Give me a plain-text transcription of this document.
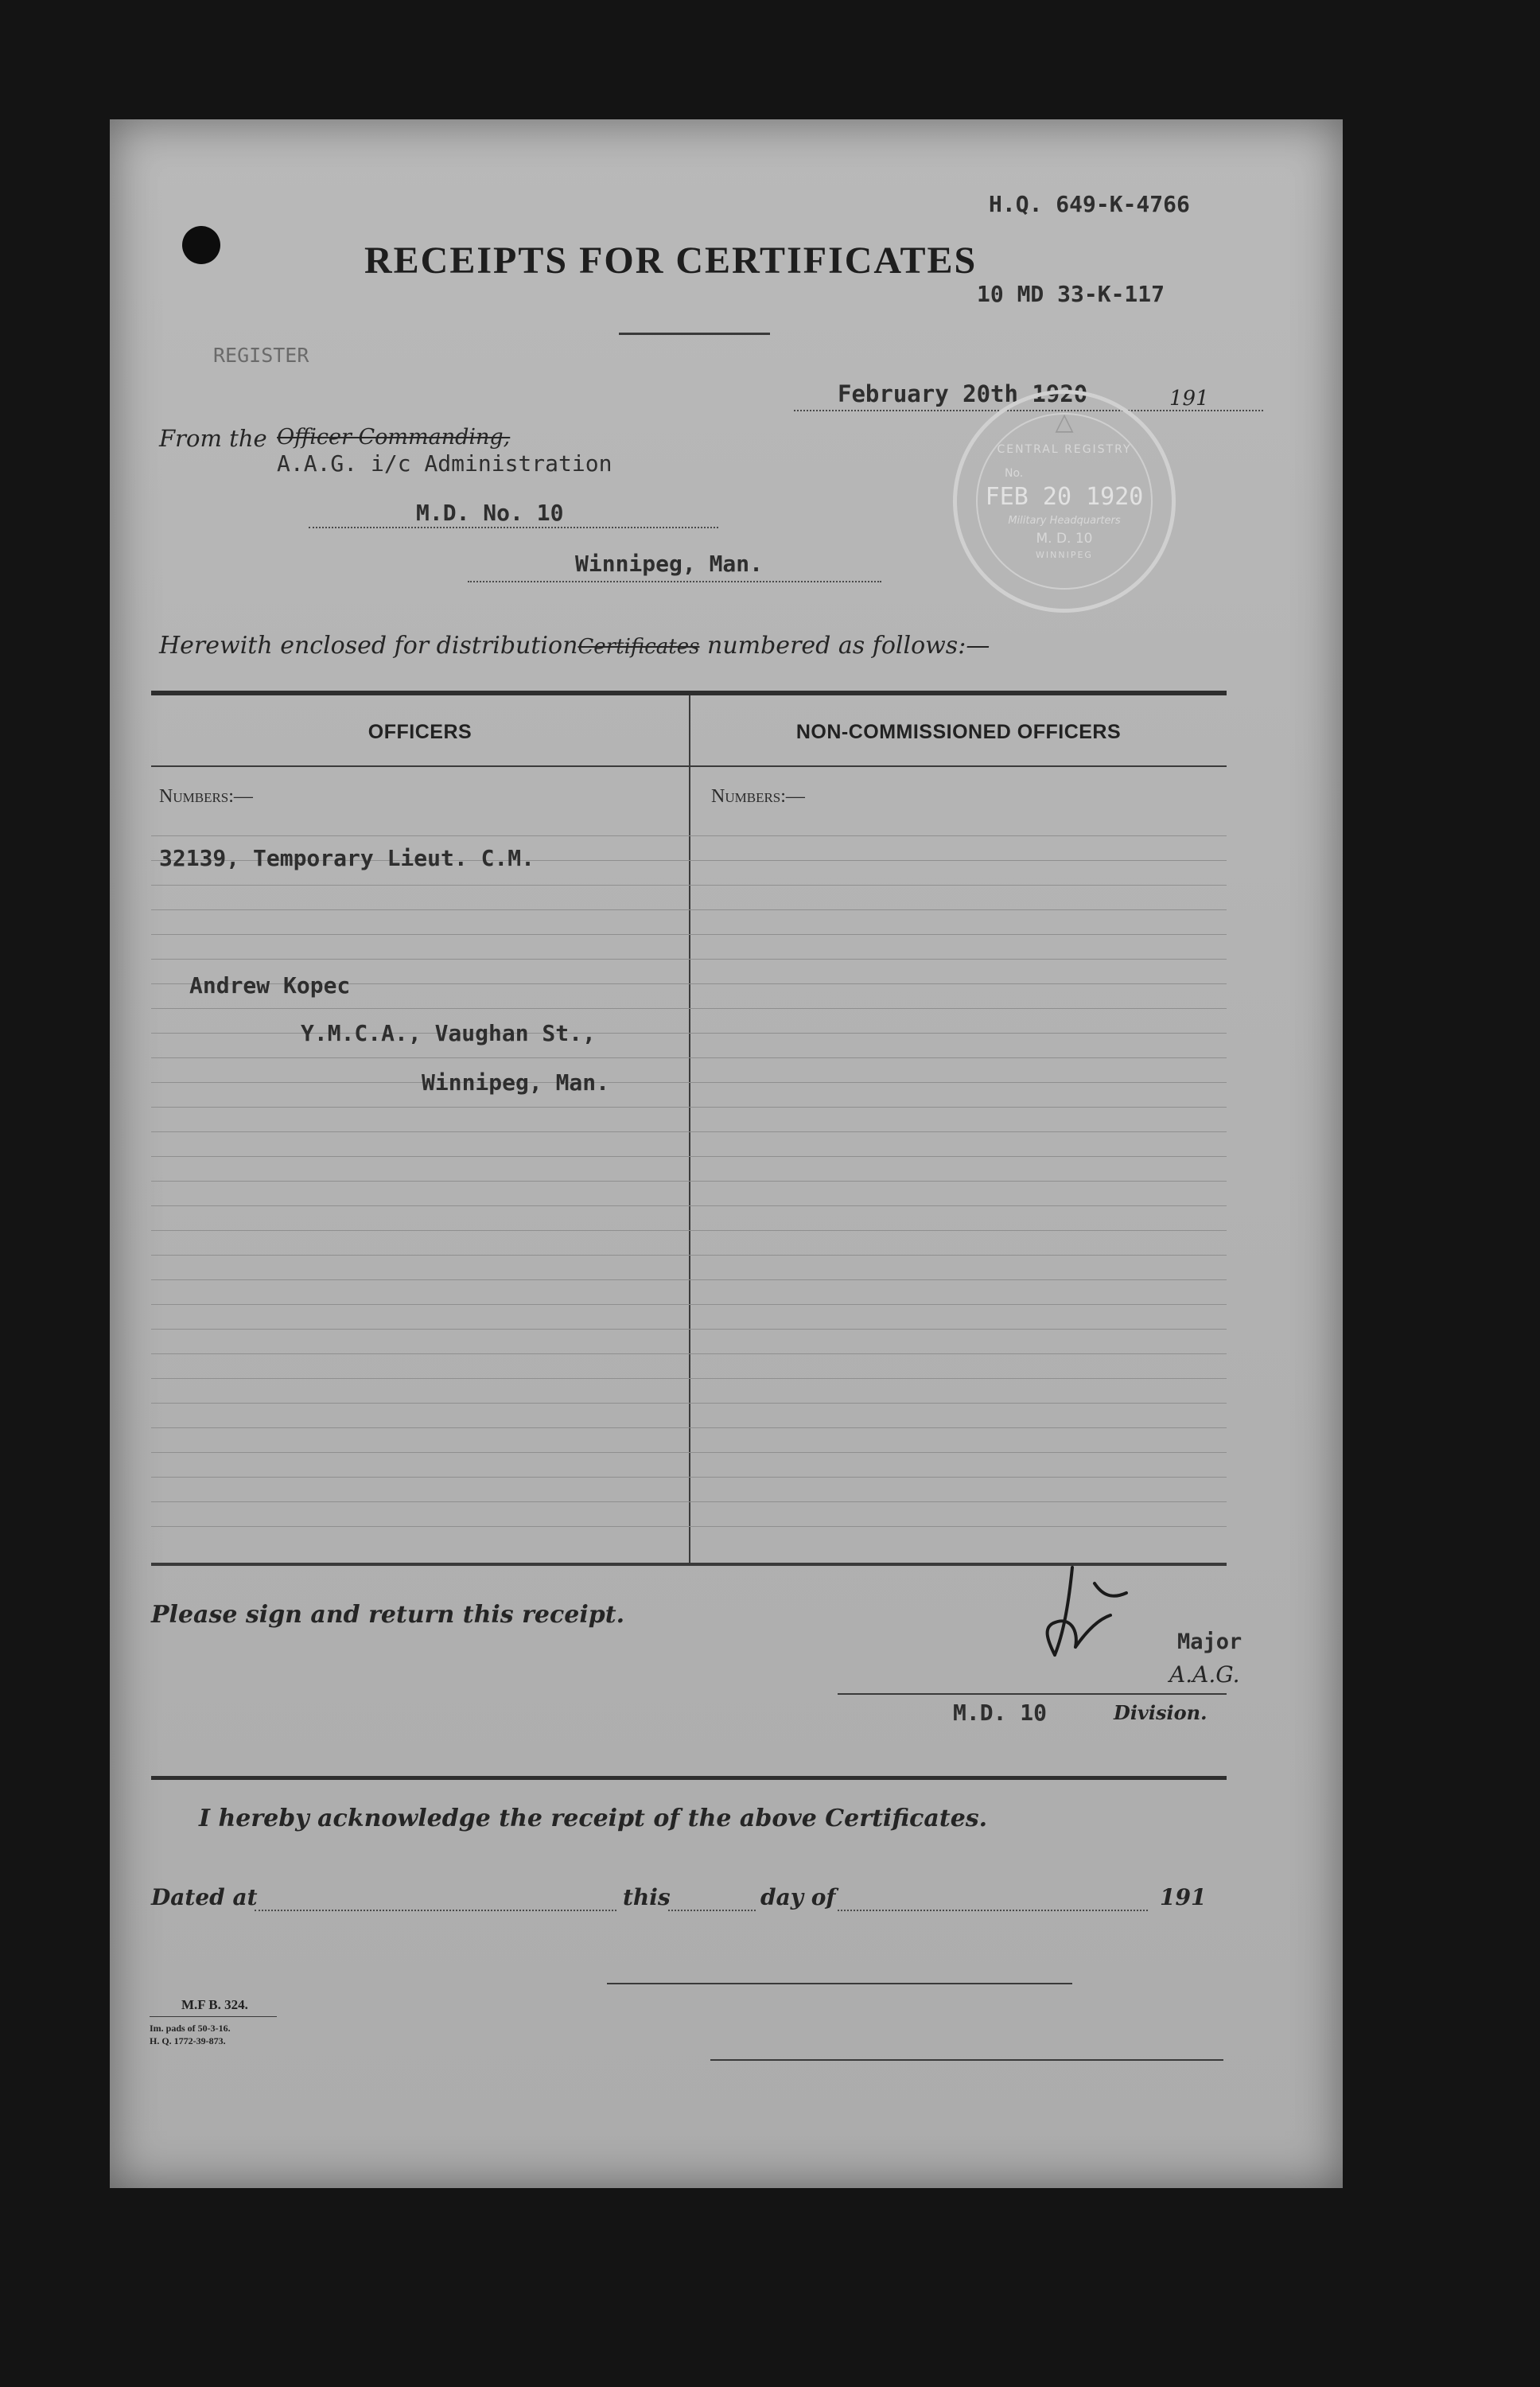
H.Q. 649-K-4766
RECEIPTS FOR CERTIFICATES
10 MD 33-K-117
REGISTER
February 20th 1920	191
From the Officer Commanding,
A.A.G. i/c Administration
M.D. No. 10
Winnipeg, Man.
△
CENTRAL REGISTRY
No.
FEB 20 1920
Military Headquarters
M. D. 10
WINNIPEG
Herewith enclosed for distributionCertificates numbered as follows:—
OFFICERS	NON-COMMISSIONED OFFICERS
Numbers:—	Numbers:—
32139, Temporary Lieut. C.M.
Andrew Kopec
Y.M.C.A., Vaughan St.,
Winnipeg, Man.
Please sign and return this receipt.
Major
A.A.G.
M.D. 10	Division.
I hereby acknowledge the receipt of the above Certificates.
Dated at	this	day of	191
M.F B. 324.
Im. pads of 50-3-16.
H. Q. 1772-39-873.
